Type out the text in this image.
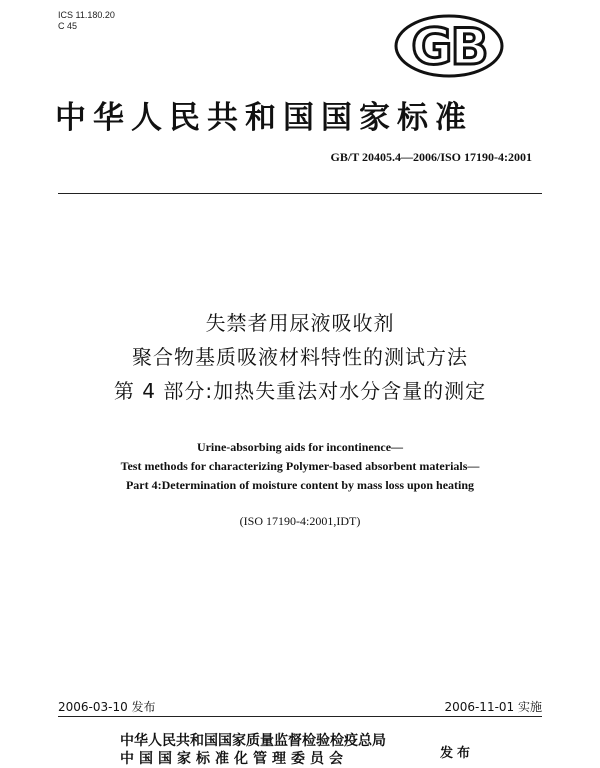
ICS 11.180.20
C 45	GB
中华人民共和国国家标准
GB/T 20405.4—2006/ISO 17190-4:2001
失禁者用尿液吸收剂
聚合物基质吸液材料特性的测试方法
第 4 部分:加热失重法对水分含量的测定
Urine-absorbing aids for incontinence—
Test methods for characterizing Polymer-based absorbent materials—
Part 4:Determination of moisture content by mass loss upon heating
(ISO 17190-4:2001,IDT)
2006-03-10 发布	2006-11-01 实施
中华人民共和国国家质量监督检验检疫总局
中国国家标准化管理委员会	发布
